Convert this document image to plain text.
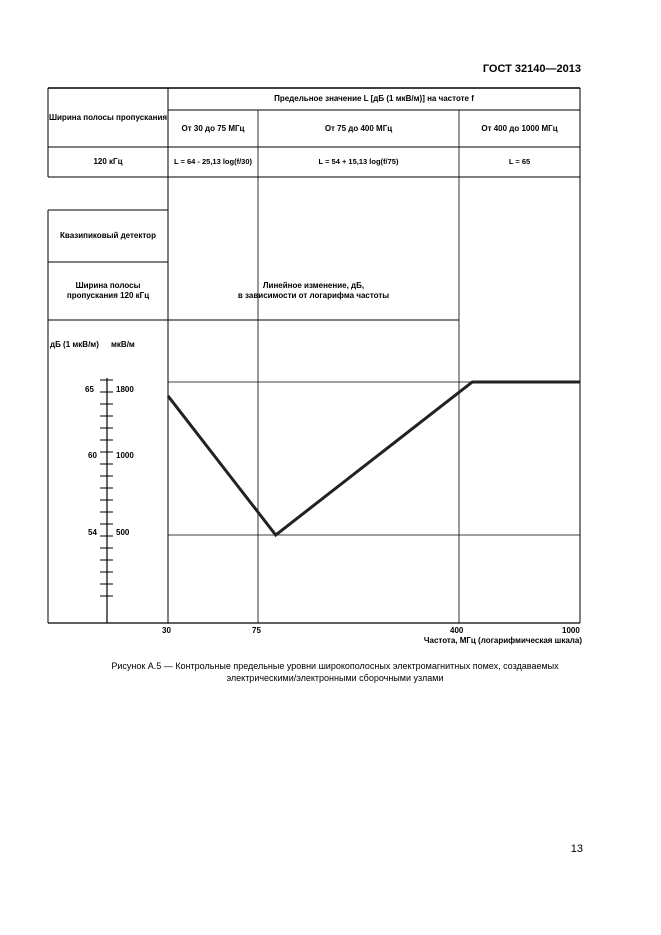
ГОСТ 32140—2013
Ширина полосы пропускания
Предельное значение L [дБ (1 мкВ/м)] на частоте f
От 30 до 75 МГц	От 75 до 400 МГц	От 400 до 1000 МГц
120 кГц	L = 64 - 25,13 log(f/30)	L = 54 + 15,13 log(f/75)	L = 65
Квазипиковый детектор
Ширина полосы пропускания 120 кГц
дБ (1 мкВ/м) мкВ/м
Линейное изменение, дБ,
в зависимости от логарифма частоты
65	1800
60 1000
54 500
30	75	400	1000
Частота, МГц (логарифмическая шкала)
Рисунок А.5 — Контрольные предельные уровни широкополосных электромагнитных помех, создаваемых
электрическими/электронными сборочными узлами
13
